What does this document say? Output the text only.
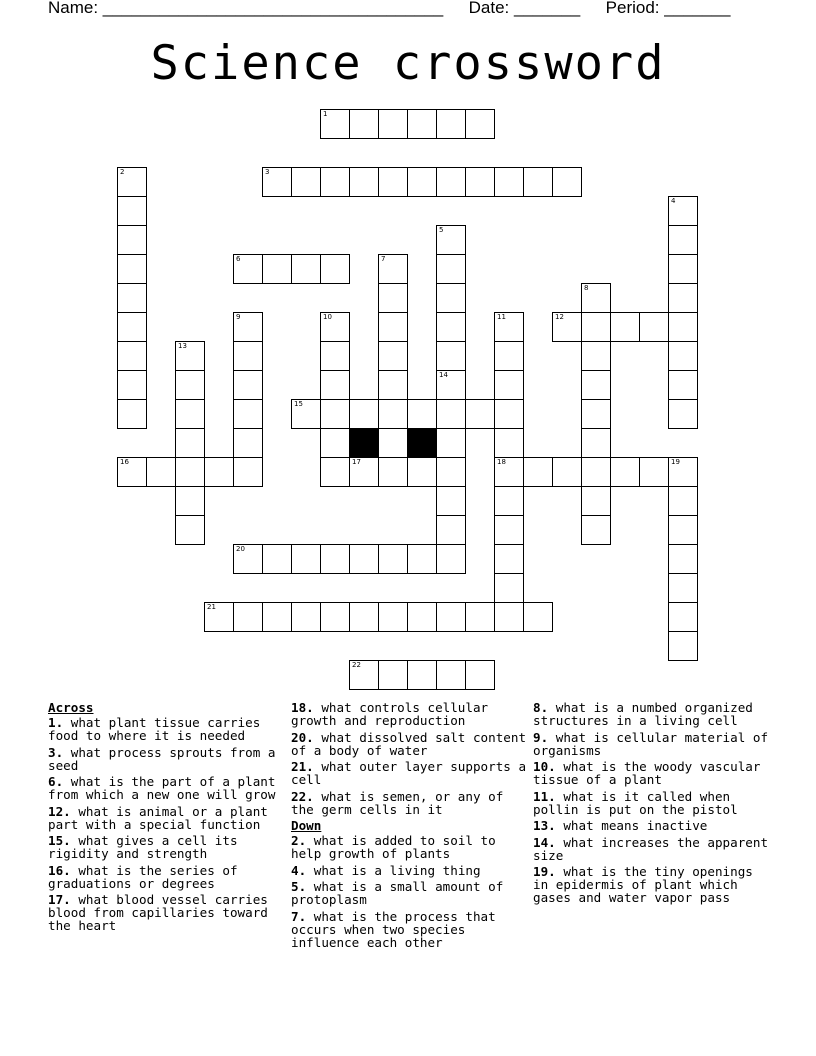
Name: ____________________________________ Date: _______ Period: _______
Science crossword
1
3
6
12
15
16	17	18	19
20
21
22
2
4
5
7
8
9	10	11
13
14
Across
1. what plant tissue carries food to where it is needed
3. what process sprouts from a seed
6. what is the part of a plant from which a new one will grow
12. what is animal or a plant part with a special function
15. what gives a cell its rigidity and strength
16. what is the series of graduations or degrees
17. what blood vessel carries blood from capillaries toward the heart
18. what controls cellular growth and reproduction
20. what dissolved salt content of a body of water
21. what outer layer supports a cell
22. what is semen, or any of the germ cells in it
Down
2. what is added to soil to help growth of plants
4. what is a living thing
5. what is a small amount of protoplasm
7. what is the process that occurs when two species influence each other
8. what is a numbed organized structures in a living cell
9. what is cellular material of organisms
10. what is the woody vascular tissue of a plant
11. what is it called when pollin is put on the pistol
13. what means inactive
14. what increases the apparent size
19. what is the tiny openings in epidermis of plant which gases and water vapor pass
